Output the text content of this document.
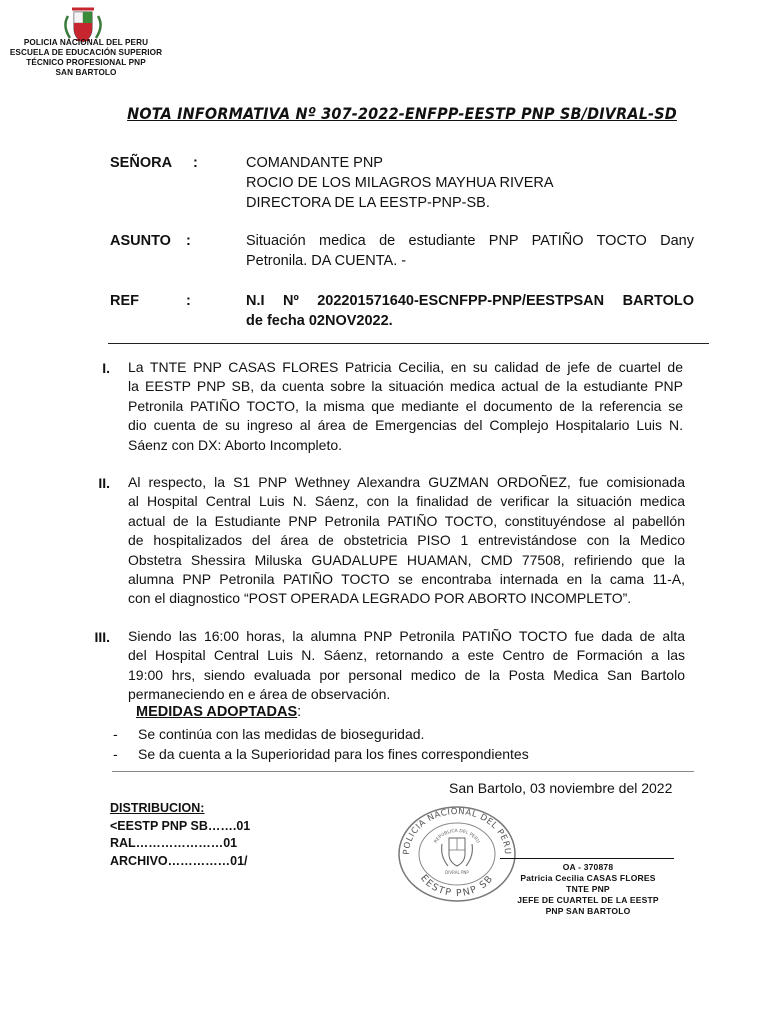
POLICIA NACIONAL DEL PERU
ESCUELA DE EDUCACIÓN SUPERIOR
TÉCNICO PROFESIONAL PNP
SAN BARTOLO
NOTA INFORMATIVA Nº 307-2022-ENFPP-EESTP PNP SB/DIVRAL-SD
SEÑORA :	COMANDANTE PNP
ROCIO DE LOS MILAGROS MAYHUA RIVERA
DIRECTORA DE LA EESTP-PNP-SB.
ASUNTO :	Situación medica de estudiante PNP PATIÑO TOCTO Dany
Petronila. DA CUENTA. -
REF	:	N.I Nº 202201571640-ESCNFPP-PNP/EESTPSAN BARTOLO
de fecha 02NOV2022.
I. La TNTE PNP CASAS FLORES Patricia Cecilia, en su calidad de jefe de cuartel de
la EESTP PNP SB, da cuenta sobre la situación medica actual de la estudiante PNP
Petronila PATIÑO TOCTO, la misma que mediante el documento de la referencia se
dio cuenta de su ingreso al área de Emergencias del Complejo Hospitalario Luis N.
Sáenz con DX: Aborto Incompleto.
II. Al respecto, la S1 PNP Wethney Alexandra GUZMAN ORDOÑEZ, fue comisionada
al Hospital Central Luis N. Sáenz, con la finalidad de verificar la situación medica
actual de la Estudiante PNP Petronila PATIÑO TOCTO, constituyéndose al pabellón
de hospitalizados del área de obstetricia PISO 1 entrevistándose con la Medico
Obstetra Shessira Miluska GUADALUPE HUAMAN, CMD 77508, refiriendo que la
alumna PNP Petronila PATIÑO TOCTO se encontraba internada en la cama 11-A,
con el diagnostico “POST OPERADA LEGRADO POR ABORTO INCOMPLETO”.
III. Siendo las 16:00 horas, la alumna PNP Petronila PATIÑO TOCTO fue dada de alta
del Hospital Central Luis N. Sáenz, retornando a este Centro de Formación a las
19:00 hrs, siendo evaluada por personal medico de la Posta Medica San Bartolo
permaneciendo en e área de observación.
MEDIDAS ADOPTADAS:
- Se continúa con las medidas de bioseguridad.
- Se da cuenta a la Superioridad para los fines correspondientes
San Bartolo, 03 noviembre del 2022
DISTRIBUCION:
<EESTP PNP SB…….01
RAL…………………01
ARCHIVO……………01/
POLICIA NACIONAL DEL PERU
EESTP PNP SB
REPUBLICA DEL PERU
DIVRAL PNP
OA - 370878
Patricia Cecilia CASAS FLORES
TNTE PNP
JEFE DE CUARTEL DE LA EESTP
PNP SAN BARTOLO
